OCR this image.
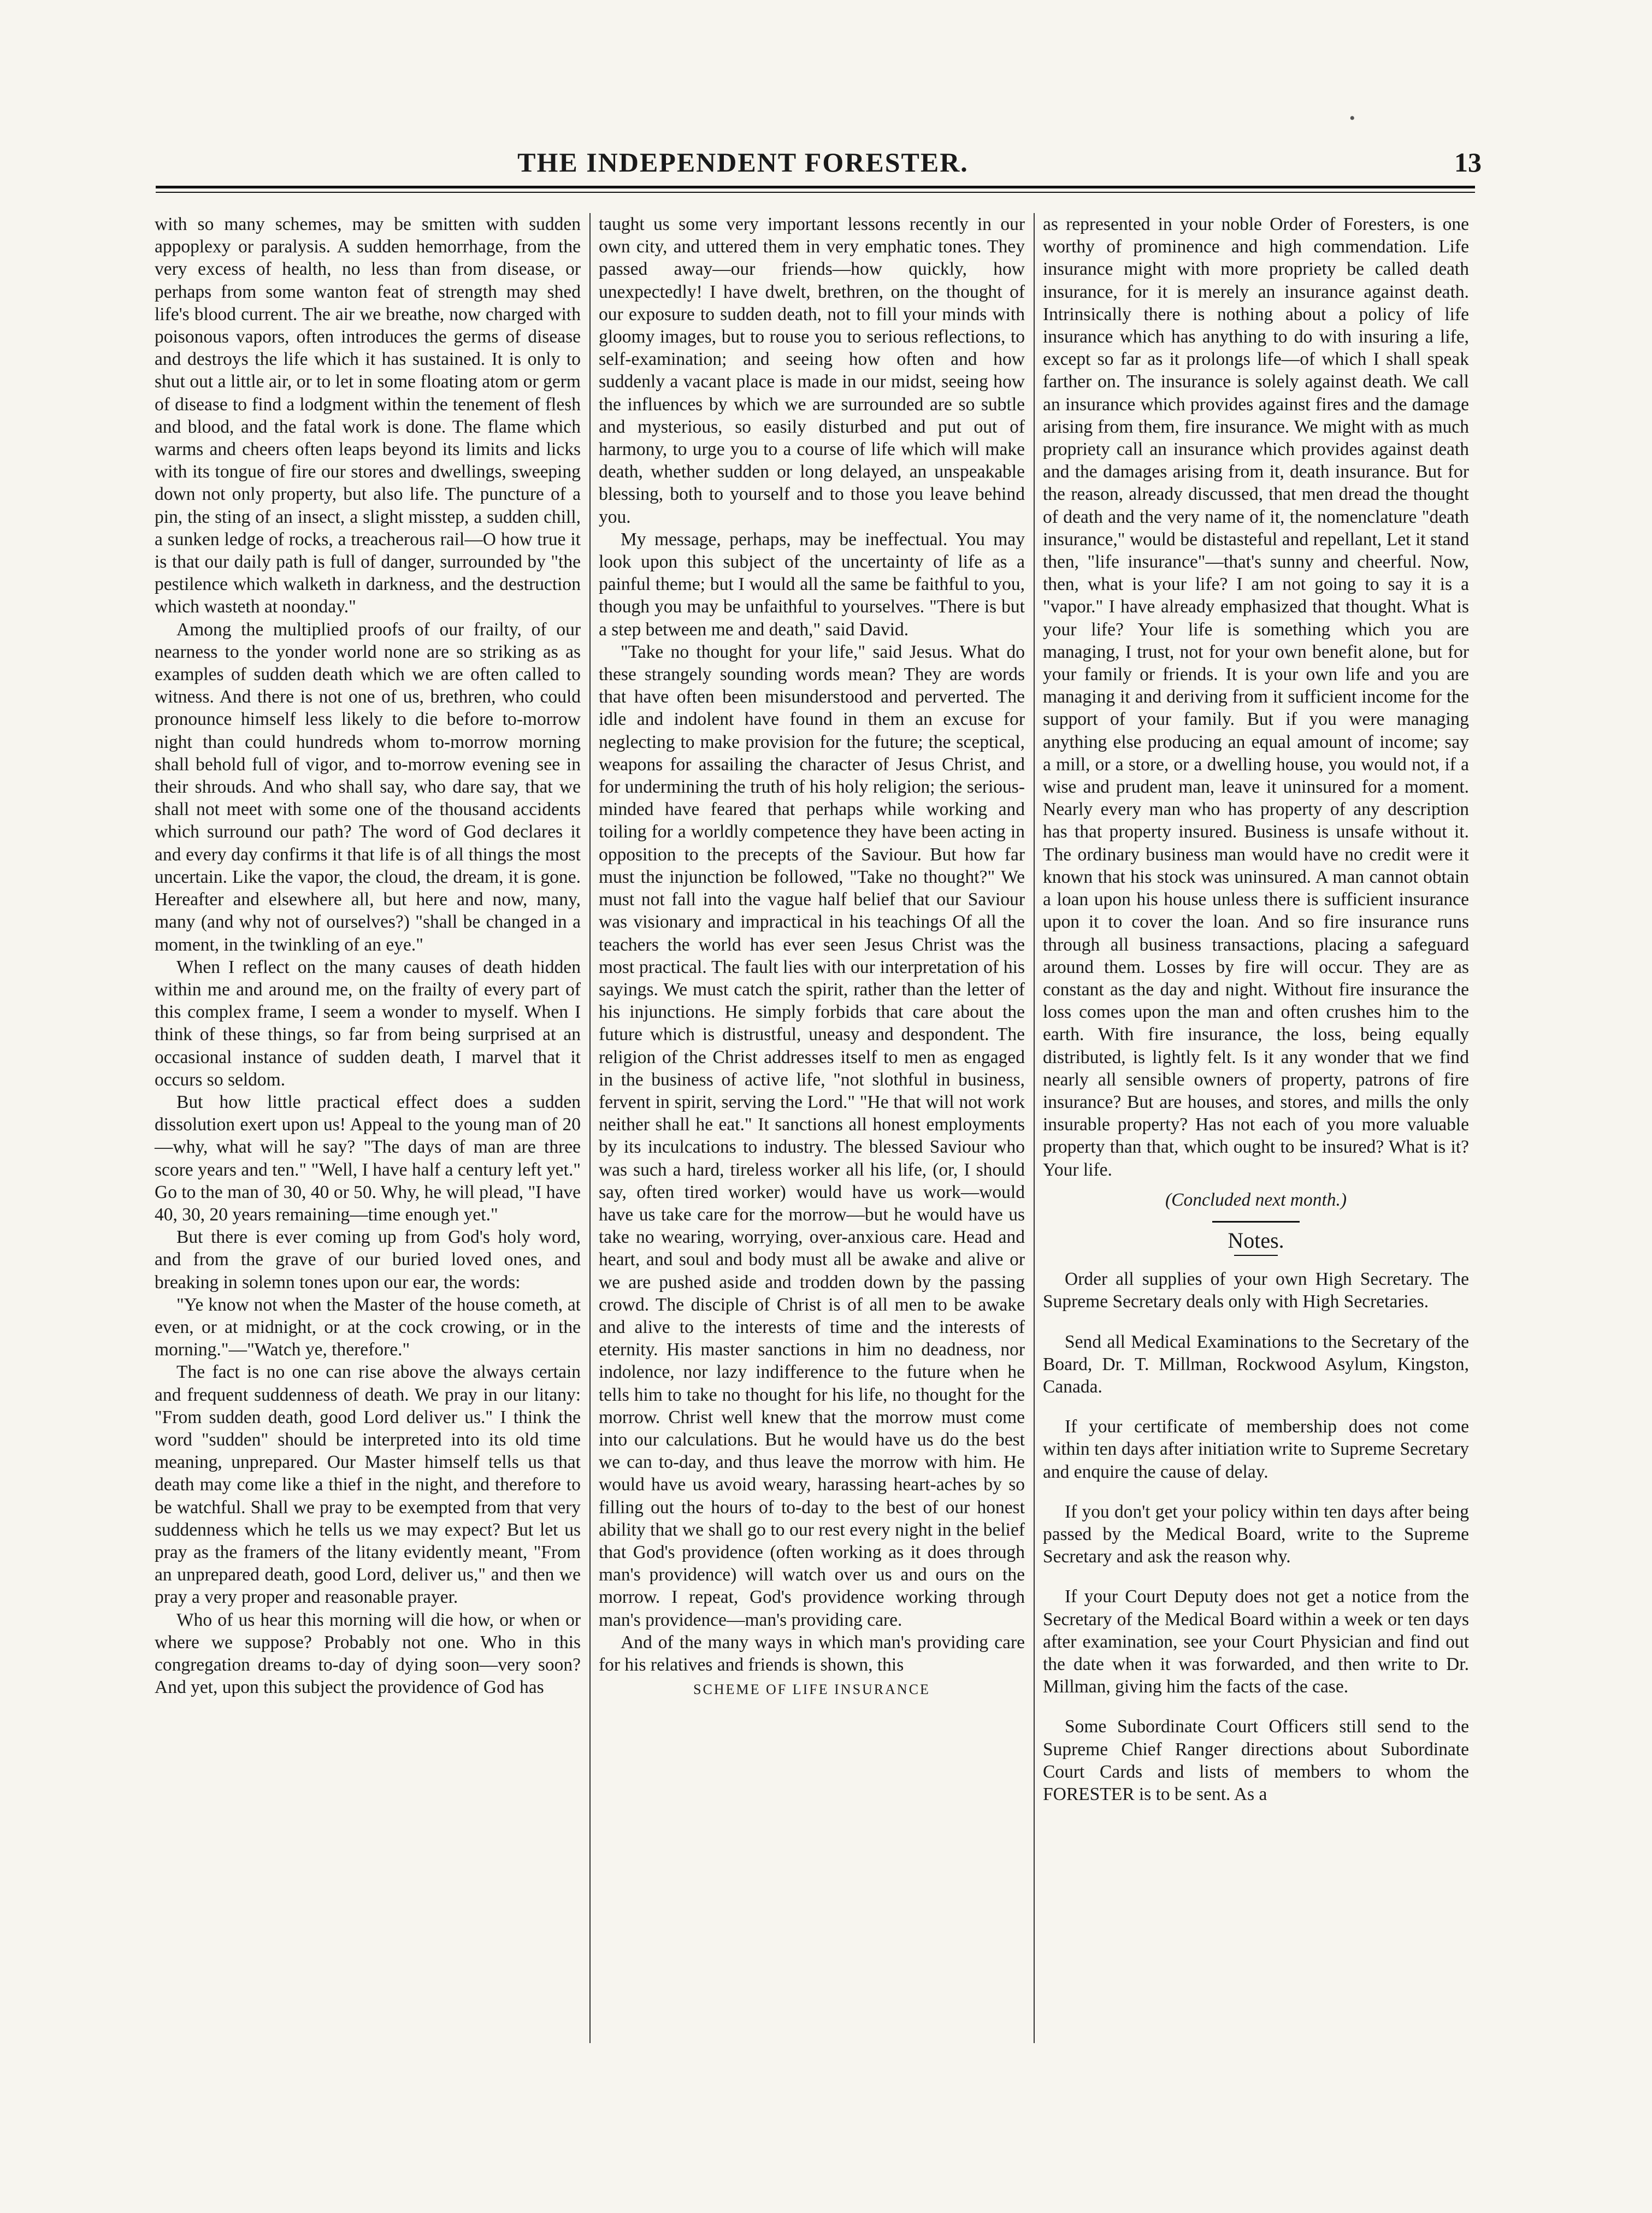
THE INDEPENDENT FORESTER.	13
•

with so many schemes, may be smitten with sudden appoplexy or paralysis. A sudden hemorrhage, from the very excess of health, no less than from disease, or perhaps from some wanton feat of strength may shed life's blood current. The air we breathe, now charged with poisonous vapors, often introduces the germs of disease and destroys the life which it has sustained. It is only to shut out a little air, or to let in some floating atom or germ of disease to find a lodgment within the tenement of flesh and blood, and the fatal work is done. The flame which warms and cheers often leaps beyond its limits and licks with its tongue of fire our stores and dwellings, sweeping down not only property, but also life. The puncture of a pin, the sting of an insect, a slight misstep, a sudden chill, a sunken ledge of rocks, a treacherous rail—O how true it is that our daily path is full of danger, surrounded by "the pestilence which walketh in darkness, and the destruction which wasteth at noonday."

Among the multiplied proofs of our frailty, of our nearness to the yonder world none are so striking as as examples of sudden death which we are often called to witness. And there is not one of us, brethren, who could pronounce himself less likely to die before to-morrow night than could hundreds whom to-morrow morning shall behold full of vigor, and to-morrow evening see in their shrouds. And who shall say, who dare say, that we shall not meet with some one of the thousand accidents which surround our path? The word of God declares it and every day confirms it that life is of all things the most uncertain. Like the vapor, the cloud, the dream, it is gone. Hereafter and elsewhere all, but here and now, many, many (and why not of ourselves?) "shall be changed in a moment, in the twinkling of an eye."

When I reflect on the many causes of death hidden within me and around me, on the frailty of every part of this complex frame, I seem a wonder to myself. When I think of these things, so far from being surprised at an occasional instance of sudden death, I marvel that it occurs so seldom.

But how little practical effect does a sudden dissolution exert upon us! Appeal to the young man of 20—why, what will he say? "The days of man are three score years and ten." "Well, I have half a century left yet." Go to the man of 30, 40 or 50. Why, he will plead, "I have 40, 30, 20 years remaining—time enough yet."

But there is ever coming up from God's holy word, and from the grave of our buried loved ones, and breaking in solemn tones upon our ear, the words:

"Ye know not when the Master of the house cometh, at even, or at midnight, or at the cock crowing, or in the morning."—"Watch ye, therefore."

The fact is no one can rise above the always certain and frequent suddenness of death. We pray in our litany: "From sudden death, good Lord deliver us." I think the word "sudden" should be interpreted into its old time meaning, unprepared. Our Master himself tells us that death may come like a thief in the night, and therefore to be watchful. Shall we pray to be exempted from that very suddenness which he tells us we may expect? But let us pray as the framers of the litany evidently meant, "From an unprepared death, good Lord, deliver us," and then we pray a very proper and reasonable prayer.

Who of us hear this morning will die how, or when or where we suppose? Probably not one. Who in this congregation dreams to-day of dying soon—very soon? And yet, upon this subject the providence of God has

taught us some very important lessons recently in our own city, and uttered them in very emphatic tones. They passed away—our friends—how quickly, how unexpectedly! I have dwelt, brethren, on the thought of our exposure to sudden death, not to fill your minds with gloomy images, but to rouse you to serious reflections, to self-examination; and seeing how often and how suddenly a vacant place is made in our midst, seeing how the influences by which we are surrounded are so subtle and mysterious, so easily disturbed and put out of harmony, to urge you to a course of life which will make death, whether sudden or long delayed, an unspeakable blessing, both to yourself and to those you leave behind you.

My message, perhaps, may be ineffectual. You may look upon this subject of the uncertainty of life as a painful theme; but I would all the same be faithful to you, though you may be unfaithful to yourselves. "There is but a step between me and death," said David.

"Take no thought for your life," said Jesus. What do these strangely sounding words mean? They are words that have often been misunderstood and perverted. The idle and indolent have found in them an excuse for neglecting to make provision for the future; the sceptical, weapons for assailing the character of Jesus Christ, and for undermining the truth of his holy religion; the serious-minded have feared that perhaps while working and toiling for a worldly competence they have been acting in opposition to the precepts of the Saviour. But how far must the injunction be followed, "Take no thought?" We must not fall into the vague half belief that our Saviour was visionary and impractical in his teachings Of all the teachers the world has ever seen Jesus Christ was the most practical. The fault lies with our interpretation of his sayings. We must catch the spirit, rather than the letter of his injunctions. He simply forbids that care about the future which is distrustful, uneasy and despondent. The religion of the Christ addresses itself to men as engaged in the business of active life, "not slothful in business, fervent in spirit, serving the Lord." "He that will not work neither shall he eat." It sanctions all honest employments by its inculcations to industry. The blessed Saviour who was such a hard, tireless worker all his life, (or, I should say, often tired worker) would have us work—would have us take care for the morrow—but he would have us take no wearing, worrying, over-anxious care. Head and heart, and soul and body must all be awake and alive or we are pushed aside and trodden down by the passing crowd. The disciple of Christ is of all men to be awake and alive to the interests of time and the interests of eternity. His master sanctions in him no deadness, nor indolence, nor lazy indifference to the future when he tells him to take no thought for his life, no thought for the morrow. Christ well knew that the morrow must come into our calculations. But he would have us do the best we can to-day, and thus leave the morrow with him. He would have us avoid weary, harassing heart-aches by so filling out the hours of to-day to the best of our honest ability that we shall go to our rest every night in the belief that God's providence (often working as it does through man's providence) will watch over us and ours on the morrow. I repeat, God's providence working through man's providence—man's providing care.

And of the many ways in which man's providing care for his relatives and friends is shown, this

SCHEME OF LIFE INSURANCE

as represented in your noble Order of Foresters, is one worthy of prominence and high commendation. Life insurance might with more propriety be called death insurance, for it is merely an insurance against death. Intrinsically there is nothing about a policy of life insurance which has anything to do with insuring a life, except so far as it prolongs life—of which I shall speak farther on. The insurance is solely against death. We call an insurance which provides against fires and the damage arising from them, fire insurance. We might with as much propriety call an insurance which provides against death and the damages arising from it, death insurance. But for the reason, already discussed, that men dread the thought of death and the very name of it, the nomenclature "death insurance," would be distasteful and repellant, Let it stand then, "life insurance"—that's sunny and cheerful. Now, then, what is your life? I am not going to say it is a "vapor." I have already emphasized that thought. What is your life? Your life is something which you are managing, I trust, not for your own benefit alone, but for your family or friends. It is your own life and you are managing it and deriving from it sufficient income for the support of your family. But if you were managing anything else producing an equal amount of income; say a mill, or a store, or a dwelling house, you would not, if a wise and prudent man, leave it uninsured for a moment. Nearly every man who has property of any description has that property insured. Business is unsafe without it. The ordinary business man would have no credit were it known that his stock was uninsured. A man cannot obtain a loan upon his house unless there is sufficient insurance upon it to cover the loan. And so fire insurance runs through all business transactions, placing a safeguard around them. Losses by fire will occur. They are as constant as the day and night. Without fire insurance the loss comes upon the man and often crushes him to the earth. With fire insurance, the loss, being equally distributed, is lightly felt. Is it any wonder that we find nearly all sensible owners of property, patrons of fire insurance? But are houses, and stores, and mills the only insurable property? Has not each of you more valuable property than that, which ought to be insured? What is it? Your life.

(Concluded next month.)

Notes.

Order all supplies of your own High Secretary. The Supreme Secretary deals only with High Secretaries.

Send all Medical Examinations to the Secretary of the Board, Dr. T. Millman, Rockwood Asylum, Kingston, Canada.

If your certificate of membership does not come within ten days after initiation write to Supreme Secretary and enquire the cause of delay.

If you don't get your policy within ten days after being passed by the Medical Board, write to the Supreme Secretary and ask the reason why.

If your Court Deputy does not get a notice from the Secretary of the Medical Board within a week or ten days after examination, see your Court Physician and find out the date when it was forwarded, and then write to Dr. Millman, giving him the facts of the case.

Some Subordinate Court Officers still send to the Supreme Chief Ranger directions about Subordinate Court Cards and lists of members to whom the FORESTER is to be sent. As a
